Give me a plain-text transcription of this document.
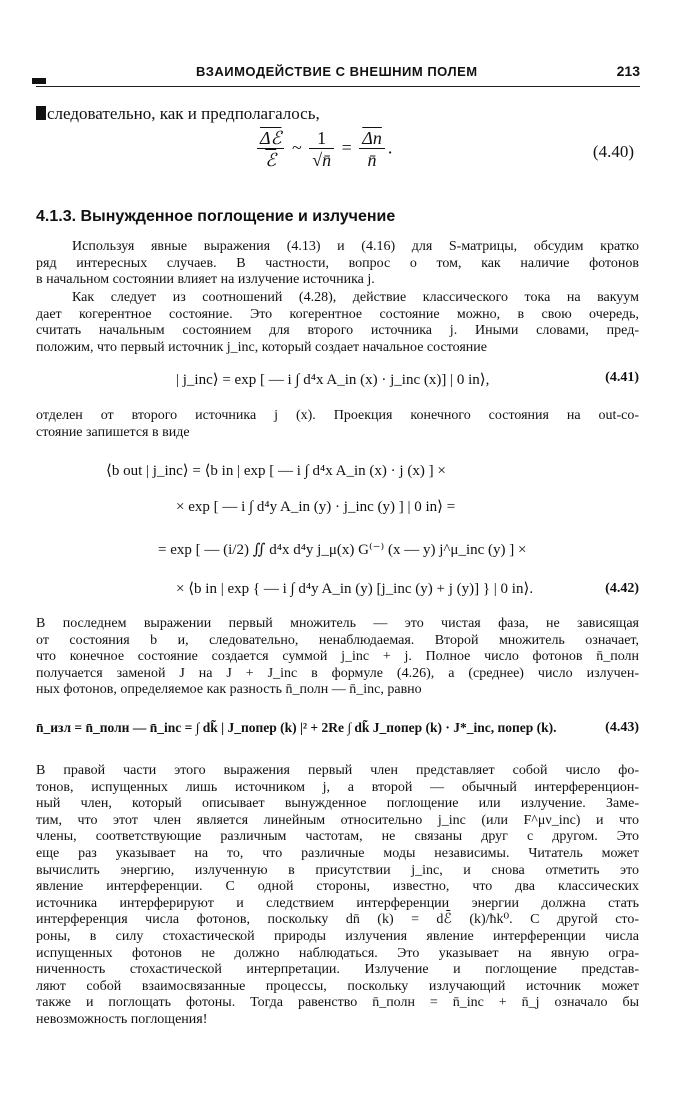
ВЗАИМОДЕЙСТВИЕ С ВНЕШНИМ ПОЛЕМ	213
следовательно, как и предполагалось,
$\frac{\text{Δℰ}}{\text{ℰ}}$ ~ $\frac{1}{√n̄} = \frac{\overline{\Delta n}}{n̄}$ .	(4.40)
4.1.3. Вынужденное поглощение и излучение
Используя явные выражения (4.13) и (4.16) для S-матрицы, обсудим кратко
ряд интересных случаев. В частности, вопрос о том, как наличие фотонов
в начальном состоянии влияет на излучение источника j.
Как следует из соотношений (4.28), действие классического тока на вакуум
дает когерентное состояние. Это когерентное состояние можно, в свою очередь,
считать начальным состоянием для второго источника j. Иными словами, пред-
положим, что первый источник j_inc, который создает начальное состояние
| j_inc⟩ = exp [ — i ∫ d⁴x A_in (x) · j_inc (x)] | 0 in⟩,	(4.41)
отделен от второго источника j (x). Проекция конечного состояния на out-со-
стояние запишется в виде
⟨b out | j_inc⟩ = ⟨b in | exp [ — i ∫ d⁴x A_in (x) · j (x) ] ×
× exp [ — i ∫ d⁴y A_in (y) · j_inc (y) ] | 0 in⟩ =
= exp [ — (i/2) ∬ d⁴x d⁴y j_μ(x) G⁽⁻⁾ (x — y) j^μ_inc (y) ] ×
× ⟨b in | exp { — i ∫ d⁴y A_in (y) [j_inc (y) + j (y)] } | 0 in⟩.	(4.42)
В последнем выражении первый множитель — это чистая фаза, не зависящая
от состояния b и, следовательно, ненаблюдаемая. Второй множитель означает,
что конечное состояние создается суммой j_inc + j. Полное число фотонов n̄_полн
получается заменой J на J + J_inc в формуле (4.26), а (среднее) число излучен-
ных фотонов, определяемое как разность n̄_полн — n̄_inc, равно
n̄_изл = n̄_полн — n̄_inc = ∫ dk̃ | J_попер (k) |² + 2Re ∫ dk̃ J_попер (k) · J*_inc, попер (k).	(4.43)
В правой части этого выражения первый член представляет собой число фо-
тонов, испущенных лишь источником j, а второй — обычный интерференцион-
ный член, который описывает вынужденное поглощение или излучение. Заме-
тим, что этот член является линейным относительно j_inc (или F^μν_inc) и что
члены, соответствующие различным частотам, не связаны друг с другом. Это
еще раз указывает на то, что различные моды независимы. Читатель может
вычислить энергию, излученную в присутствии j_inc, и снова отметить это
явление интерференции. С одной стороны, известно, что два классических
источника интерферируют и следствием интерференции энергии должна стать
интерференция числа фотонов, поскольку dn̄ (k) = dℰ̄ (k)/ħk⁰. С другой сто-
роны, в силу стохастической природы излучения явление интерференции числа
испущенных фотонов не должно наблюдаться. Это указывает на явную огра-
ниченность стохастической интерпретации. Излучение и поглощение представ-
ляют собой взаимосвязанные процессы, поскольку излучающий источник может
также и поглощать фотоны. Тогда равенство n̄_полн = n̄_inc + n̄_j означало бы
невозможность поглощения!
